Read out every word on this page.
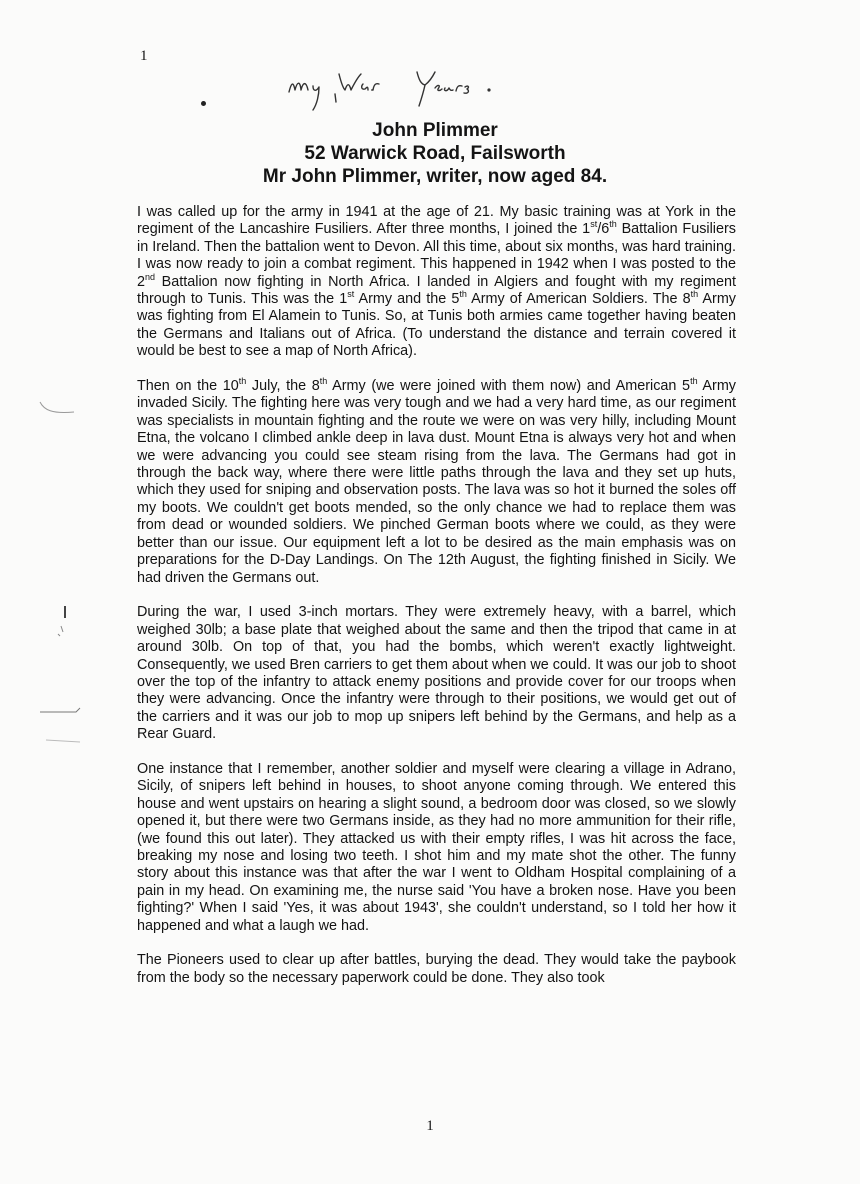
1
John Plimmer
52 Warwick Road, Failsworth
Mr John Plimmer, writer, now aged 84.

I was called up for the army in 1941 at the age of 21. My basic training was at York in the regiment of the Lancashire Fusiliers. After three months, I joined the 1st/6th Battalion Fusiliers in Ireland. Then the battalion went to Devon. All this time, about six months, was hard training. I was now ready to join a combat regiment. This happened in 1942 when I was posted to the 2nd Battalion now fighting in North Africa. I landed in Algiers and fought with my regiment through to Tunis. This was the 1st Army and the 5th Army of American Soldiers. The 8th Army was fighting from El Alamein to Tunis. So, at Tunis both armies came together having beaten the Germans and Italians out of Africa. (To understand the distance and terrain covered it would be best to see a map of North Africa).

Then on the 10th July, the 8th Army (we were joined with them now) and American 5th Army invaded Sicily. The fighting here was very tough and we had a very hard time, as our regiment was specialists in mountain fighting and the route we were on was very hilly, including Mount Etna, the volcano I climbed ankle deep in lava dust. Mount Etna is always very hot and when we were advancing you could see steam rising from the lava. The Germans had got in through the back way, where there were little paths through the lava and they set up huts, which they used for sniping and observation posts. The lava was so hot it burned the soles off my boots. We couldn't get boots mended, so the only chance we had to replace them was from dead or wounded soldiers. We pinched German boots where we could, as they were better than our issue. Our equipment left a lot to be desired as the main emphasis was on preparations for the D-Day Landings. On The 12th August, the fighting finished in Sicily. We had driven the Germans out.

During the war, I used 3-inch mortars. They were extremely heavy, with a barrel, which weighed 30lb; a base plate that weighed about the same and then the tripod that came in at around 30lb. On top of that, you had the bombs, which weren't exactly lightweight. Consequently, we used Bren carriers to get them about when we could. It was our job to shoot over the top of the infantry to attack enemy positions and provide cover for our troops when they were advancing. Once the infantry were through to their positions, we would get out of the carriers and it was our job to mop up snipers left behind by the Germans, and help as a Rear Guard.

One instance that I remember, another soldier and myself were clearing a village in Adrano, Sicily, of snipers left behind in houses, to shoot anyone coming through. We entered this house and went upstairs on hearing a slight sound, a bedroom door was closed, so we slowly opened it, but there were two Germans inside, as they had no more ammunition for their rifle, (we found this out later). They attacked us with their empty rifles, I was hit across the face, breaking my nose and losing two teeth. I shot him and my mate shot the other. The funny story about this instance was that after the war I went to Oldham Hospital complaining of a pain in my head. On examining me, the nurse said 'You have a broken nose. Have you been fighting?' When I said 'Yes, it was about 1943', she couldn't understand, so I told her how it happened and what a laugh we had.

The Pioneers used to clear up after battles, burying the dead. They would take the paybook from the body so the necessary paperwork could be done. They also took

1
